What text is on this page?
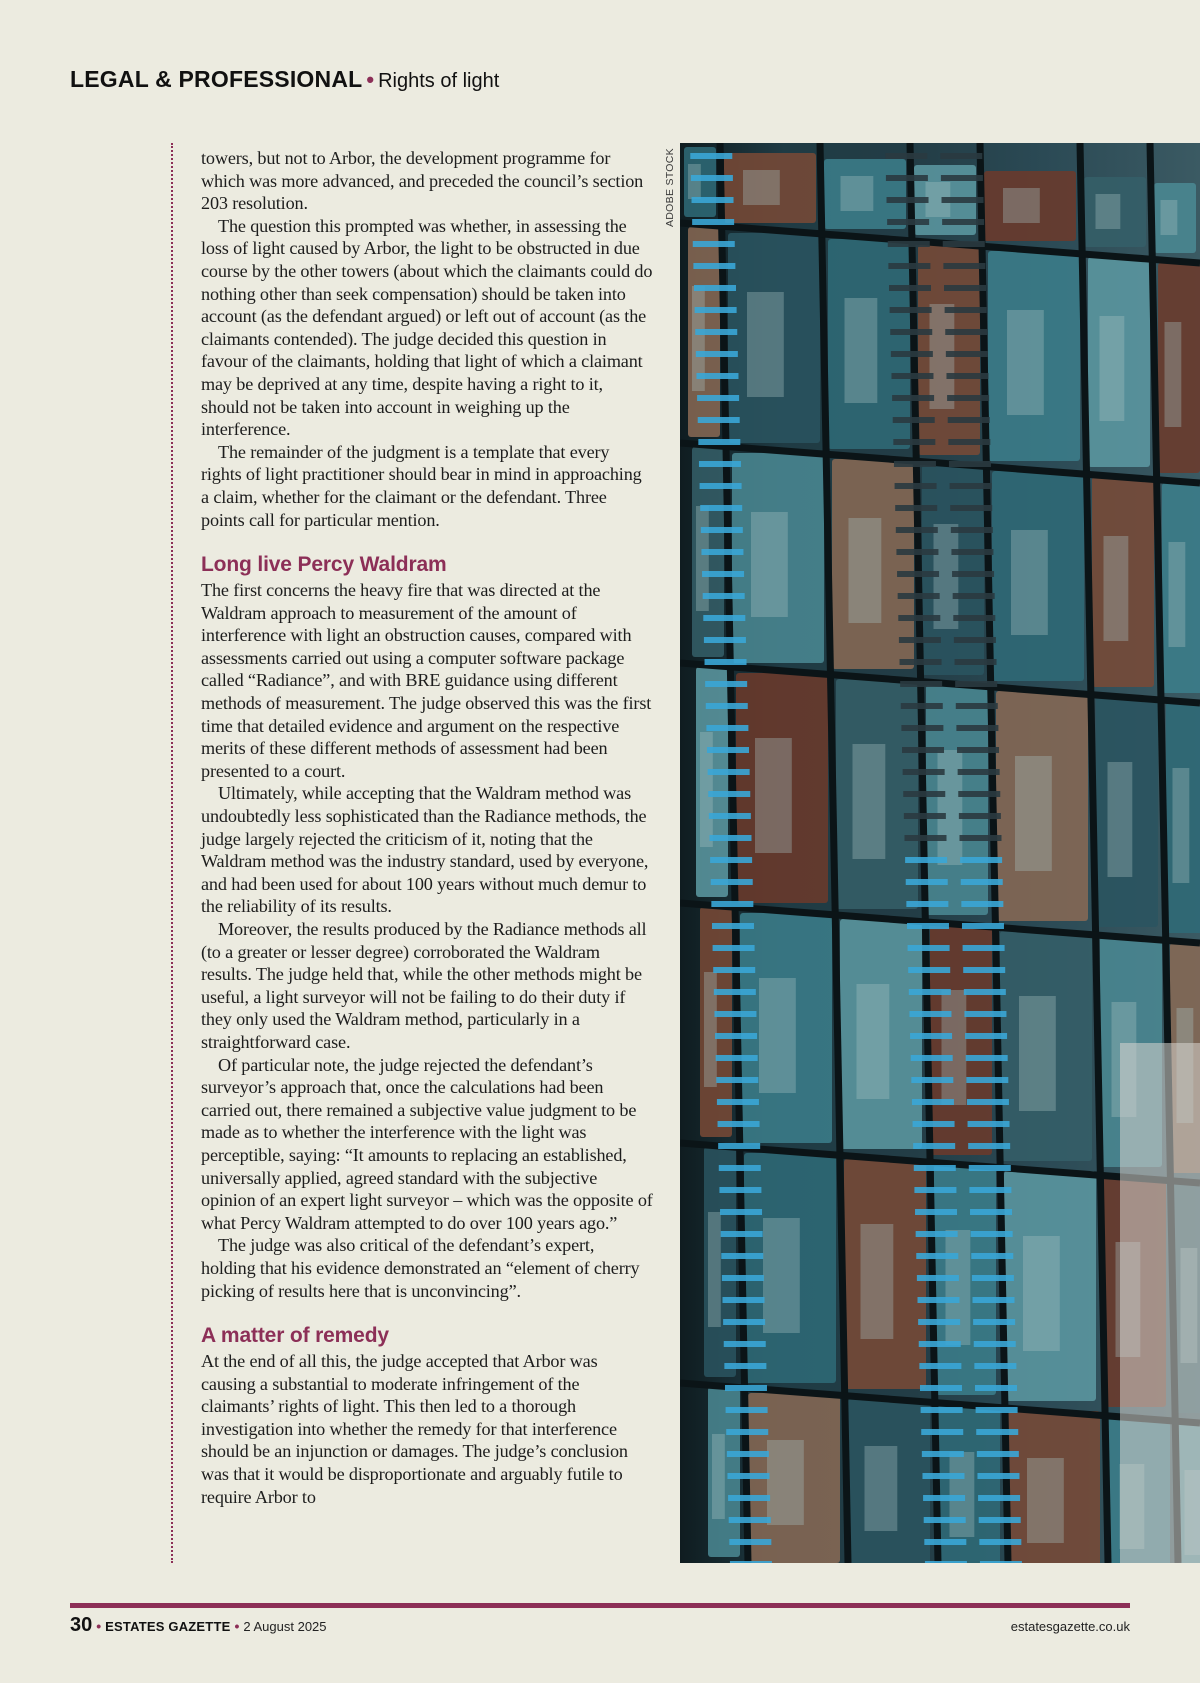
LEGAL & PROFESSIONAL • Rights of light

towers, but not to Arbor, the development programme for which was more advanced, and preceded the council’s section 203 resolution.

The question this prompted was whether, in assessing the loss of light caused by Arbor, the light to be obstructed in due course by the other towers (about which the claimants could do nothing other than seek compensation) should be taken into account (as the defendant argued) or left out of account (as the claimants contended). The judge decided this question in favour of the claimants, holding that light of which a claimant may be deprived at any time, despite having a right to it, should not be taken into account in weighing up the interference.

The remainder of the judgment is a template that every rights of light practitioner should bear in mind in approaching a claim, whether for the claimant or the defendant. Three points call for particular mention.

Long live Percy Waldram

The first concerns the heavy fire that was directed at the Waldram approach to measurement of the amount of interference with light an obstruction causes, compared with assessments carried out using a computer software package called “Radiance”, and with BRE guidance using different methods of measurement. The judge observed this was the first time that detailed evidence and argument on the respective merits of these different methods of assessment had been presented to a court.

Ultimately, while accepting that the Waldram method was undoubtedly less sophisticated than the Radiance methods, the judge largely rejected the criticism of it, noting that the Waldram method was the industry standard, used by everyone, and had been used for about 100 years without much demur to the reliability of its results.

Moreover, the results produced by the Radiance methods all (to a greater or lesser degree) corroborated the Waldram results. The judge held that, while the other methods might be useful, a light surveyor will not be failing to do their duty if they only used the Waldram method, particularly in a straightforward case.

Of particular note, the judge rejected the defendant’s surveyor’s approach that, once the calculations had been carried out, there remained a subjective value judgment to be made as to whether the interference with the light was perceptible, saying: “It amounts to replacing an established, universally applied, agreed standard with the subjective opinion of an expert light surveyor – which was the opposite of what Percy Waldram attempted to do over 100 years ago.”

The judge was also critical of the defendant’s expert, holding that his evidence demonstrated an “element of cherry picking of results here that is unconvincing”.

A matter of remedy

At the end of all this, the judge accepted that Arbor was causing a substantial to moderate infringement of the claimants’ rights of light. This then led to a thorough investigation into whether the remedy for that interference should be an injunction or damages. The judge’s conclusion was that it would be disproportionate and arguably futile to require Arbor to

ADOBE STOCK
30 • ESTATES GAZETTE • 2 August 2025	estatesgazette.co.uk
